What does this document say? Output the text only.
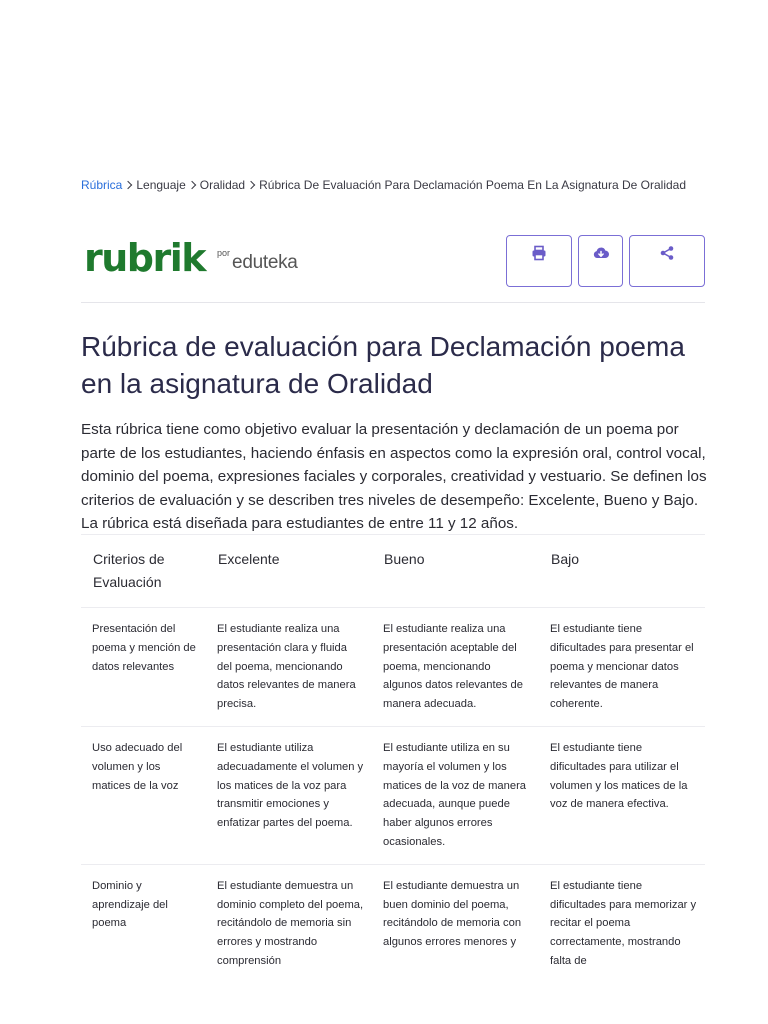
Rúbrica Lenguaje Oralidad Rúbrica De Evaluación Para Declamación Poema En La Asignatura De Oralidad
rubrik por eduteka
Rúbrica de evaluación para Declamación poema en la asignatura de Oralidad

Esta rúbrica tiene como objetivo evaluar la presentación y declamación de un poema por parte de los estudiantes, haciendo énfasis en aspectos como la expresión oral, control vocal, dominio del poema, expresiones faciales y corporales, creatividad y vestuario. Se definen los criterios de evaluación y se describen tres niveles de desempeño: Excelente, Bueno y Bajo. La rúbrica está diseñada para estudiantes de entre 11 y 12 años.

Criterios de Evaluación	Excelente	Bueno	Bajo
Presentación del poema y mención de datos relevantes	El estudiante realiza una presentación clara y fluida del poema, mencionando datos relevantes de manera precisa.	El estudiante realiza una presentación aceptable del poema, mencionando algunos datos relevantes de manera adecuada.	El estudiante tiene dificultades para presentar el poema y mencionar datos relevantes de manera coherente.
Uso adecuado del volumen y los matices de la voz	El estudiante utiliza adecuadamente el volumen y los matices de la voz para transmitir emociones y enfatizar partes del poema.	El estudiante utiliza en su mayoría el volumen y los matices de la voz de manera adecuada, aunque puede haber algunos errores ocasionales.	El estudiante tiene dificultades para utilizar el volumen y los matices de la voz de manera efectiva.
Dominio y aprendizaje del poema	El estudiante demuestra un dominio completo del poema, recitándolo de memoria sin errores y mostrando comprensión	El estudiante demuestra un buen dominio del poema, recitándolo de memoria con algunos errores menores y	El estudiante tiene dificultades para memorizar y recitar el poema correctamente, mostrando falta de
